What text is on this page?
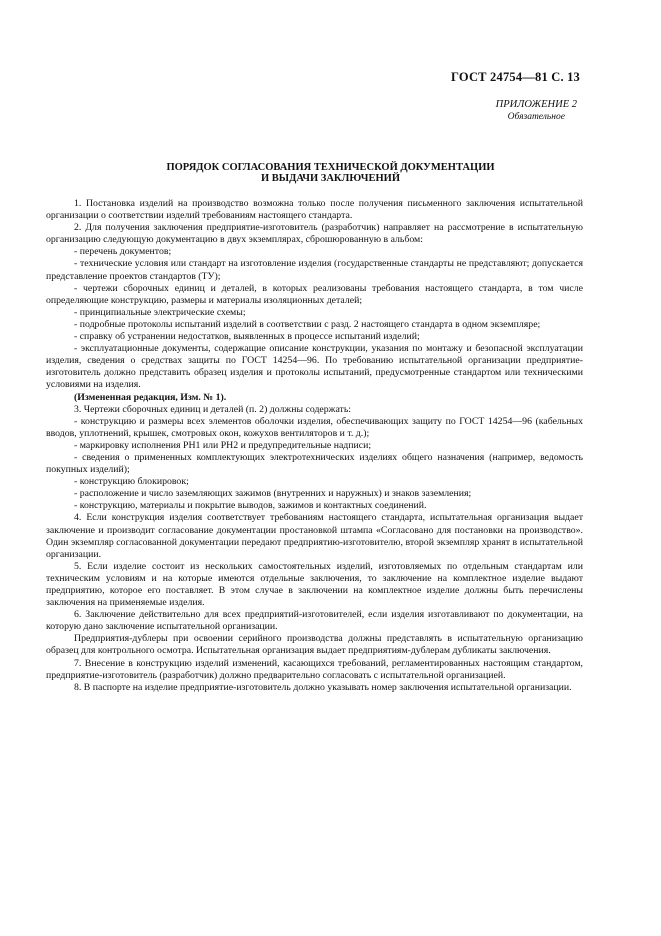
ГОСТ 24754—81 С. 13
ПРИЛОЖЕНИЕ 2
Обязательное
ПОРЯДОК СОГЛАСОВАНИЯ ТЕХНИЧЕСКОЙ ДОКУМЕНТАЦИИ
И ВЫДАЧИ ЗАКЛЮЧЕНИЙ

1. Постановка изделий на производство возможна только после получения письменного заключения испытательной организации о соответствии изделий требованиям настоящего стандарта.

2. Для получения заключения предприятие-изготовитель (разработчик) направляет на рассмотрение в испытательную организацию следующую документацию в двух экземплярах, сброшюрованную в альбом:

- перечень документов;

- технические условия или стандарт на изготовление изделия (государственные стандарты не представляют; допускается представление проектов стандартов (ТУ);

- чертежи сборочных единиц и деталей, в которых реализованы требования настоящего стандарта, в том числе определяющие конструкцию, размеры и материалы изоляционных деталей;

- принципиальные электрические схемы;

- подробные протоколы испытаний изделий в соответствии с разд. 2 настоящего стандарта в одном экземпляре;

- справку об устранении недостатков, выявленных в процессе испытаний изделий;

- эксплуатационные документы, содержащие описание конструкции, указания по монтажу и безопасной эксплуатации изделия, сведения о средствах защиты по ГОСТ 14254—96. По требованию испытательной организации предприятие-изготовитель должно представить образец изделия и протоколы испытаний, предусмотренные стандартом или техническими условиями на изделия.

(Измененная редакция, Изм. № 1).

3. Чертежи сборочных единиц и деталей (п. 2) должны содержать:

- конструкцию и размеры всех элементов оболочки изделия, обеспечивающих защиту по ГОСТ 14254—96 (кабельных вводов, уплотнений, крышек, смотровых окон, кожухов вентиляторов и т. д.);

- маркировку исполнения РН1 или РН2 и предупредительные надписи;

- сведения о примененных комплектующих электротехнических изделиях общего назначения (например, ведомость покупных изделий);

- конструкцию блокировок;

- расположение и число заземляющих зажимов (внутренних и наружных) и знаков заземления;

- конструкцию, материалы и покрытие выводов, зажимов и контактных соединений.

4. Если конструкция изделия соответствует требованиям настоящего стандарта, испытательная организация выдает заключение и производит согласование документации простановкой штампа «Согласовано для постановки на производство». Один экземпляр согласованной документации передают предприятию-изготовителю, второй экземпляр хранят в испытательной организации.

5. Если изделие состоит из нескольких самостоятельных изделий, изготовляемых по отдельным стандартам или техническим условиям и на которые имеются отдельные заключения, то заключение на комплектное изделие выдают предприятию, которое его поставляет. В этом случае в заключении на комплектное изделие должны быть перечислены заключения на применяемые изделия.

6. Заключение действительно для всех предприятий-изготовителей, если изделия изготавливают по документации, на которую дано заключение испытательной организации.

Предприятия-дублеры при освоении серийного производства должны представлять в испытательную организацию образец для контрольного осмотра. Испытательная организация выдает предприятиям-дублерам дубликаты заключения.

7. Внесение в конструкцию изделий изменений, касающихся требований, регламентированных настоящим стандартом, предприятие-изготовитель (разработчик) должно предварительно согласовать с испытательной организацией.

8. В паспорте на изделие предприятие-изготовитель должно указывать номер заключения испытательной организации.
